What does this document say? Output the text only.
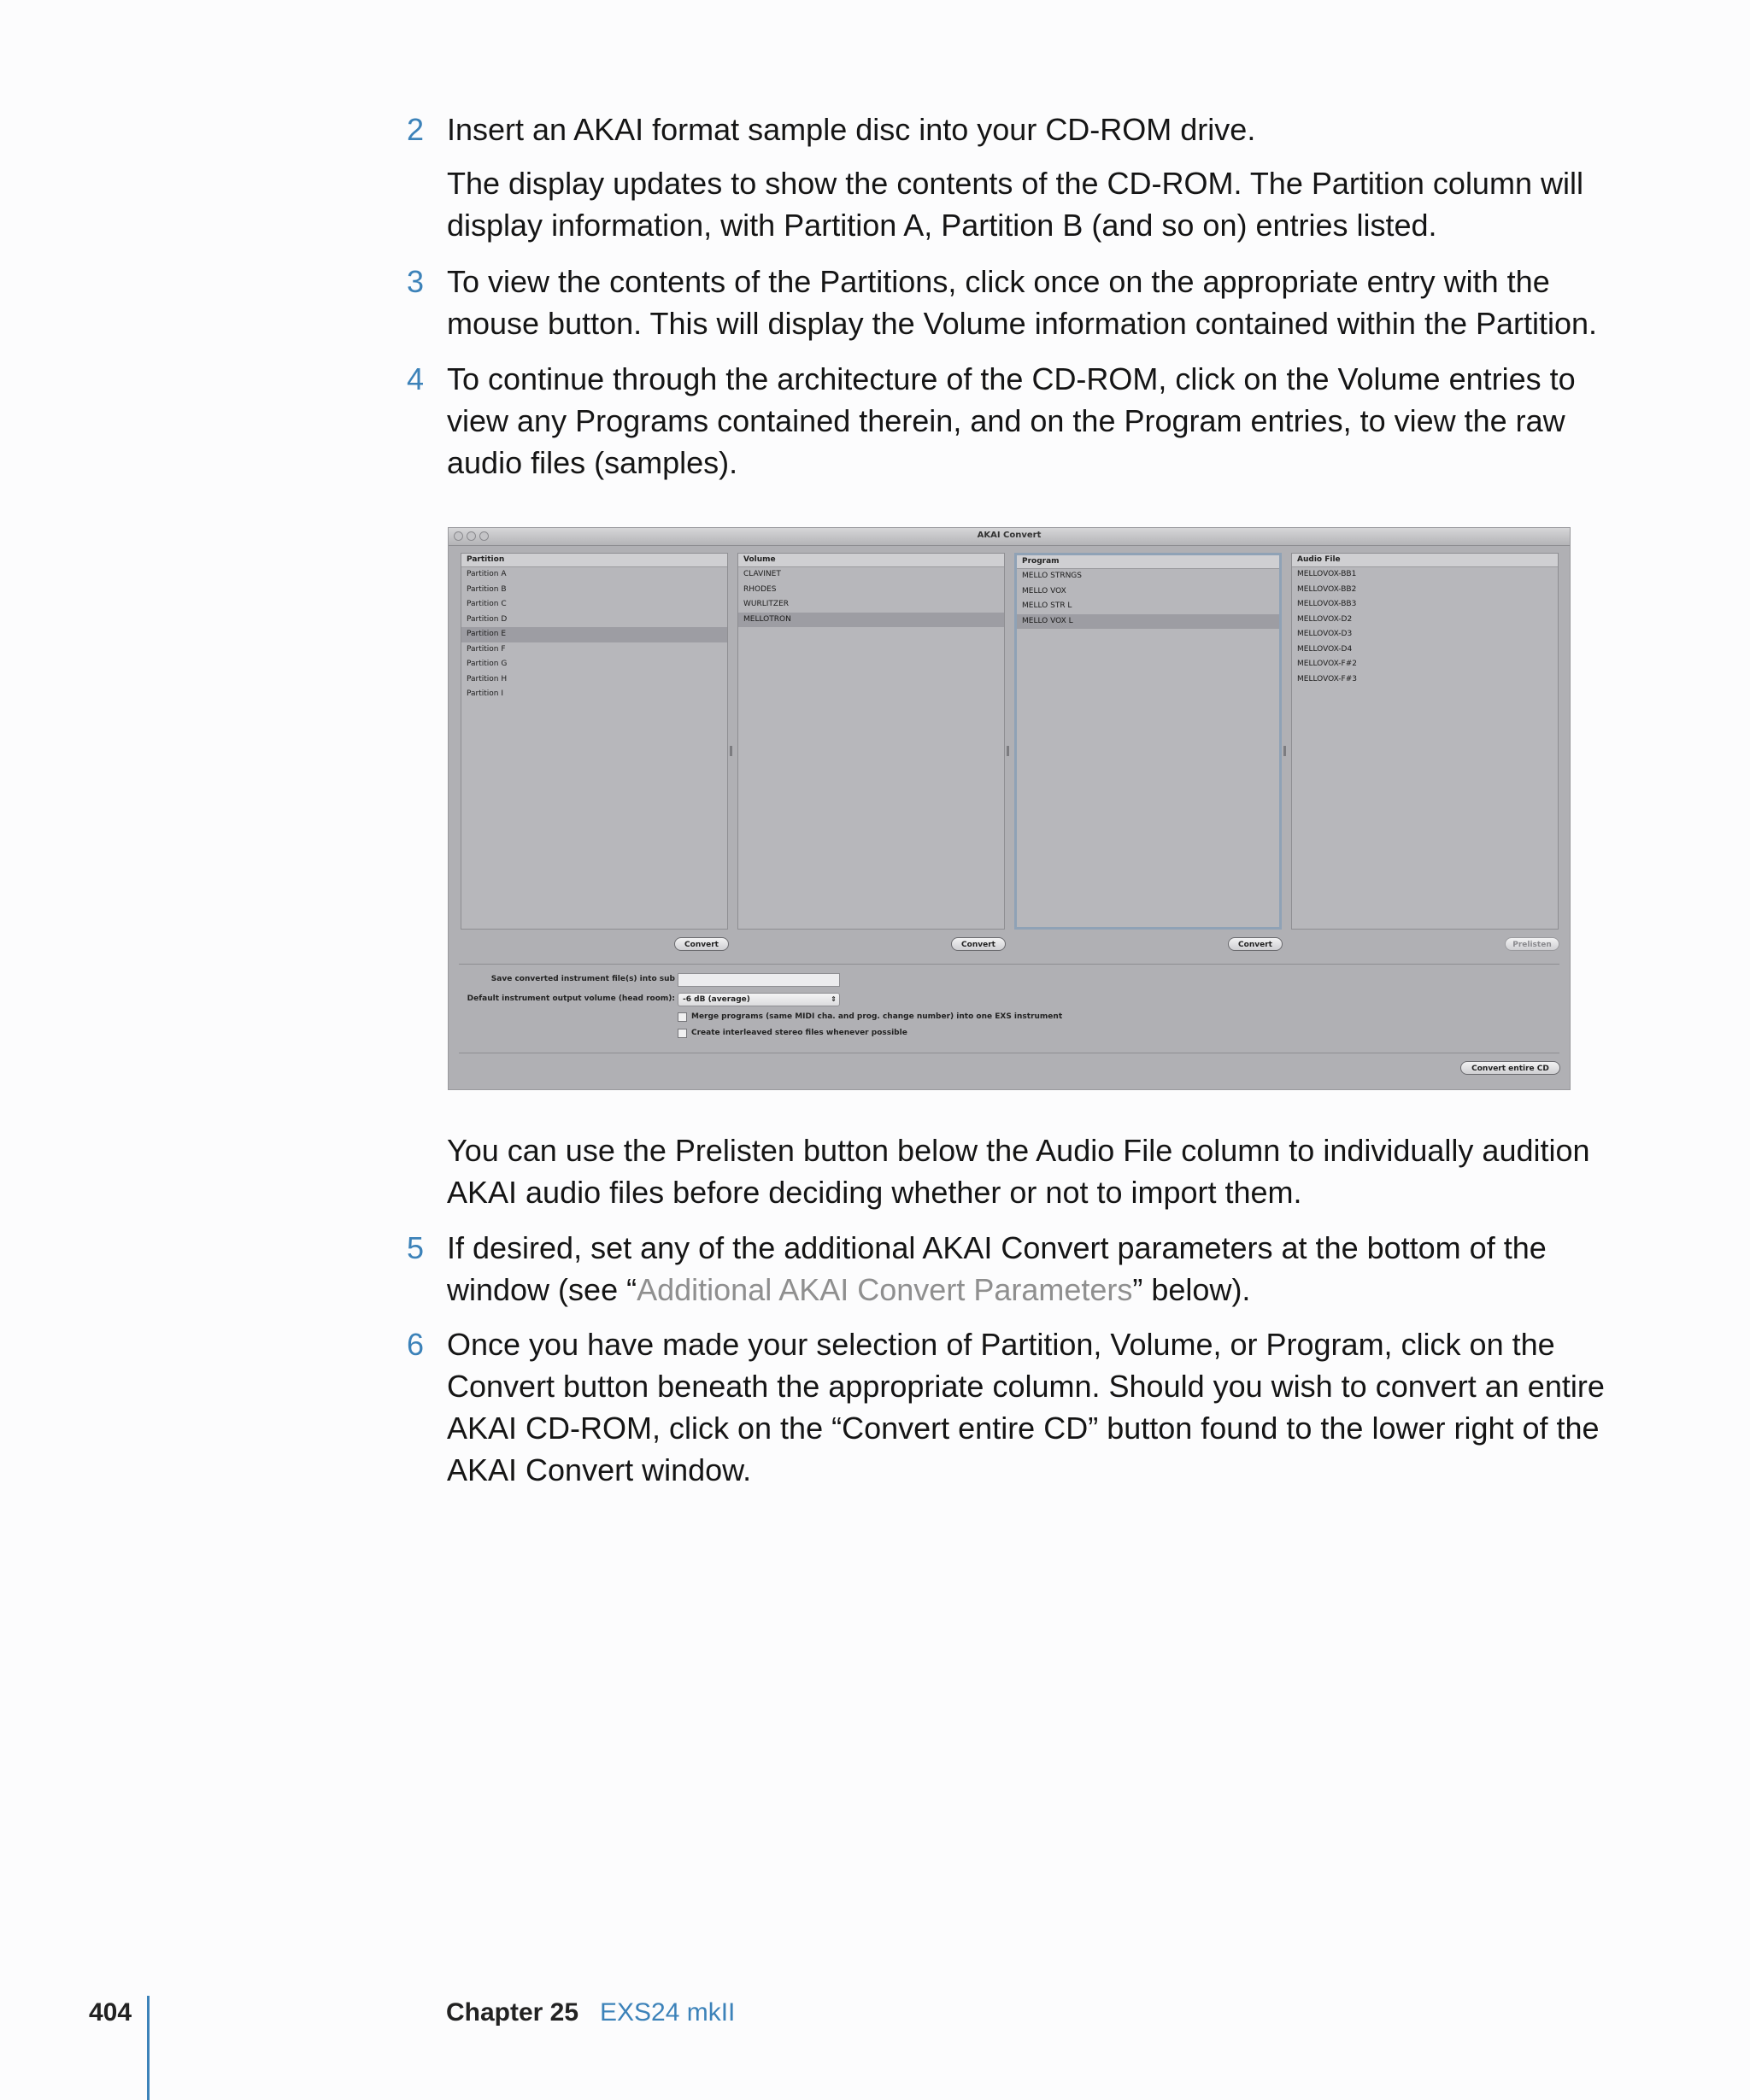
2 Insert an AKAI format sample disc into your CD-ROM drive.
The display updates to show the contents of the CD-ROM. The Partition column will display information, with Partition A, Partition B (and so on) entries listed.
3 To view the contents of the Partitions, click once on the appropriate entry with the mouse button. This will display the Volume information contained within the Partition.
4 To continue through the architecture of the CD-ROM, click on the Volume entries to view any Programs contained therein, and on the Program entries, to view the raw audio files (samples).
AKAI Convert
Partition
Partition A
Partition B
Partition C
Partition D
Partition E
Partition F
Partition G
Partition H
Partition I
Volume
CLAVINET
RHODES
WURLITZER
MELLOTRON
Program
MELLO STRNGS
MELLO VOX
MELLO STR L
MELLO VOX L
Audio File
MELLOVOX-BB1
MELLOVOX-BB2
MELLOVOX-BB3
MELLOVOX-D2
MELLOVOX-D3
MELLOVOX-D4
MELLOVOX-F#2
MELLOVOX-F#3
Convert	Convert	Convert	Prelisten
Save converted instrument file(s) into sub
Default instrument output volume (head room):	-6 dB (average)	⇕
Merge programs (same MIDI cha. and prog. change number) into one EXS instrument
Create interleaved stereo files whenever possible
Convert entire CD
You can use the Prelisten button below the Audio File column to individually audition AKAI audio files before deciding whether or not to import them.
5 If desired, set any of the additional AKAI Convert parameters at the bottom of the window (see “Additional AKAI Convert Parameters” below).
6 Once you have made your selection of Partition, Volume, or Program, click on the Convert button beneath the appropriate column. Should you wish to convert an entire AKAI CD-ROM, click on the “Convert entire CD” button found to the lower right of the AKAI Convert window.
404	Chapter 25 EXS24 mkII
